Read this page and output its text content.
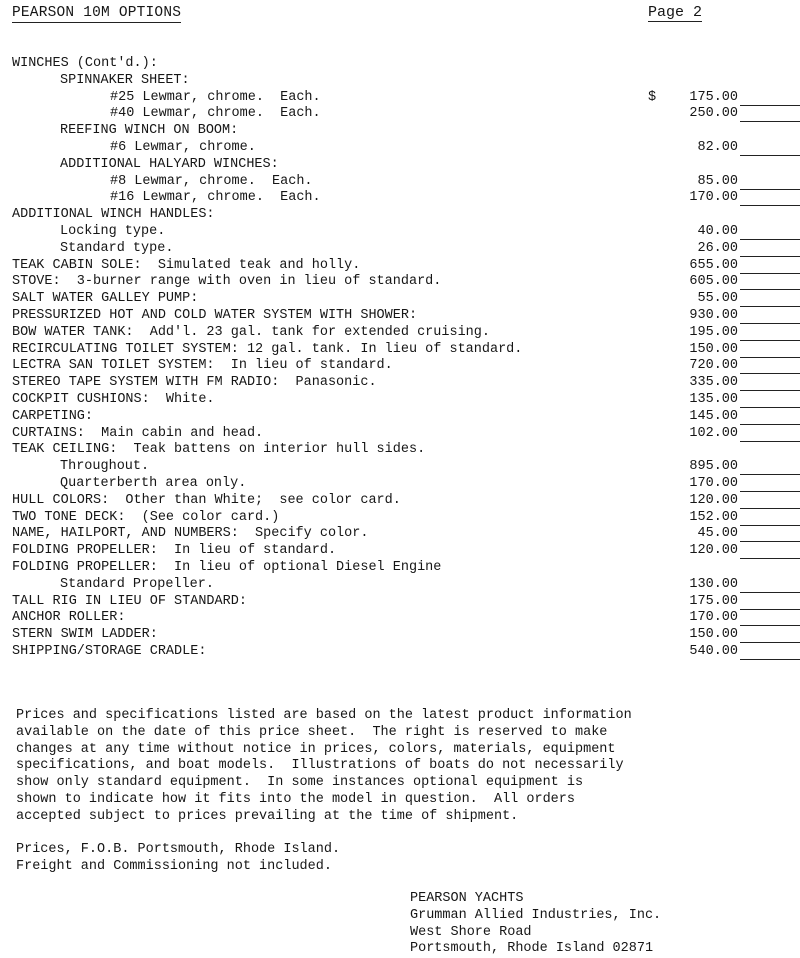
PEARSON 10M OPTIONS	Page 2
WINCHES (Cont'd.):
SPINNAKER SHEET:
#25 Lewmar, chrome.  Each.	$	175.00
#40 Lewmar, chrome.  Each.	250.00
REEFING WINCH ON BOOM:
#6 Lewmar, chrome.	82.00
ADDITIONAL HALYARD WINCHES:
#8 Lewmar, chrome.  Each.	85.00
#16 Lewmar, chrome.  Each.	170.00
ADDITIONAL WINCH HANDLES:
Locking type.	40.00
Standard type.	26.00
TEAK CABIN SOLE:  Simulated teak and holly.	655.00
STOVE:  3-burner range with oven in lieu of standard.	605.00
SALT WATER GALLEY PUMP:	55.00
PRESSURIZED HOT AND COLD WATER SYSTEM WITH SHOWER:	930.00
BOW WATER TANK:  Add'l. 23 gal. tank for extended cruising.	195.00
RECIRCULATING TOILET SYSTEM: 12 gal. tank. In lieu of standard.	150.00
LECTRA SAN TOILET SYSTEM:  In lieu of standard.	720.00
STEREO TAPE SYSTEM WITH FM RADIO:  Panasonic.	335.00
COCKPIT CUSHIONS:  White.	135.00
CARPETING:	145.00
CURTAINS:  Main cabin and head.	102.00
TEAK CEILING:  Teak battens on interior hull sides.
Throughout.	895.00
Quarterberth area only.	170.00
HULL COLORS:  Other than White;  see color card.	120.00
TWO TONE DECK:  (See color card.)	152.00
NAME, HAILPORT, AND NUMBERS:  Specify color.	45.00
FOLDING PROPELLER:  In lieu of standard.	120.00
FOLDING PROPELLER:  In lieu of optional Diesel Engine
Standard Propeller.	130.00
TALL RIG IN LIEU OF STANDARD:	175.00
ANCHOR ROLLER:	170.00
STERN SWIM LADDER:	150.00
SHIPPING/STORAGE CRADLE:	540.00

Prices and specifications listed are based on the latest product information

available on the date of this price sheet.  The right is reserved to make

changes at any time without notice in prices, colors, materials, equipment

specifications, and boat models.  Illustrations of boats do not necessarily

show only standard equipment.  In some instances optional equipment is

shown to indicate how it fits into the model in question.  All orders

accepted subject to prices prevailing at the time of shipment.

Prices, F.O.B. Portsmouth, Rhode Island.

Freight and Commissioning not included.

PEARSON YACHTS

Grumman Allied Industries, Inc.

West Shore Road

Portsmouth, Rhode Island 02871
